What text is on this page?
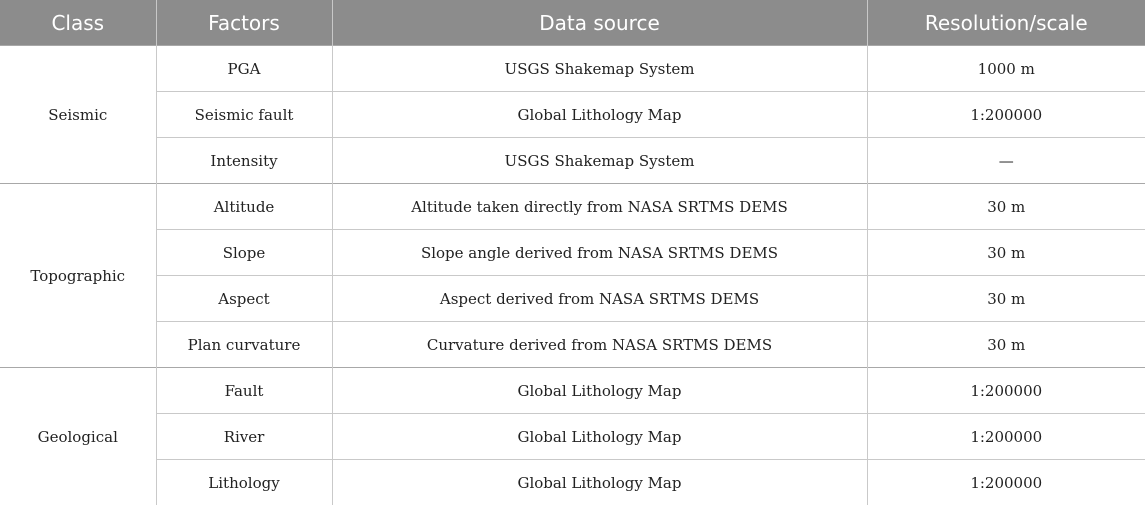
Class	Factors	Data source	Resolution/scale
Seismic	PGA	USGS Shakemap System	1000 m
	Seismic fault	Global Lithology Map	1:200000
	Intensity	USGS Shakemap System	—
Topographic	Altitude	Altitude taken directly from NASA SRTMS DEMS	30 m
	Slope	Slope angle derived from NASA SRTMS DEMS	30 m
	Aspect	Aspect derived from NASA SRTMS DEMS	30 m
	Plan curvature	Curvature derived from NASA SRTMS DEMS	30 m
Geological	Fault	Global Lithology Map	1:200000
	River	Global Lithology Map	1:200000
	Lithology	Global Lithology Map	1:200000
